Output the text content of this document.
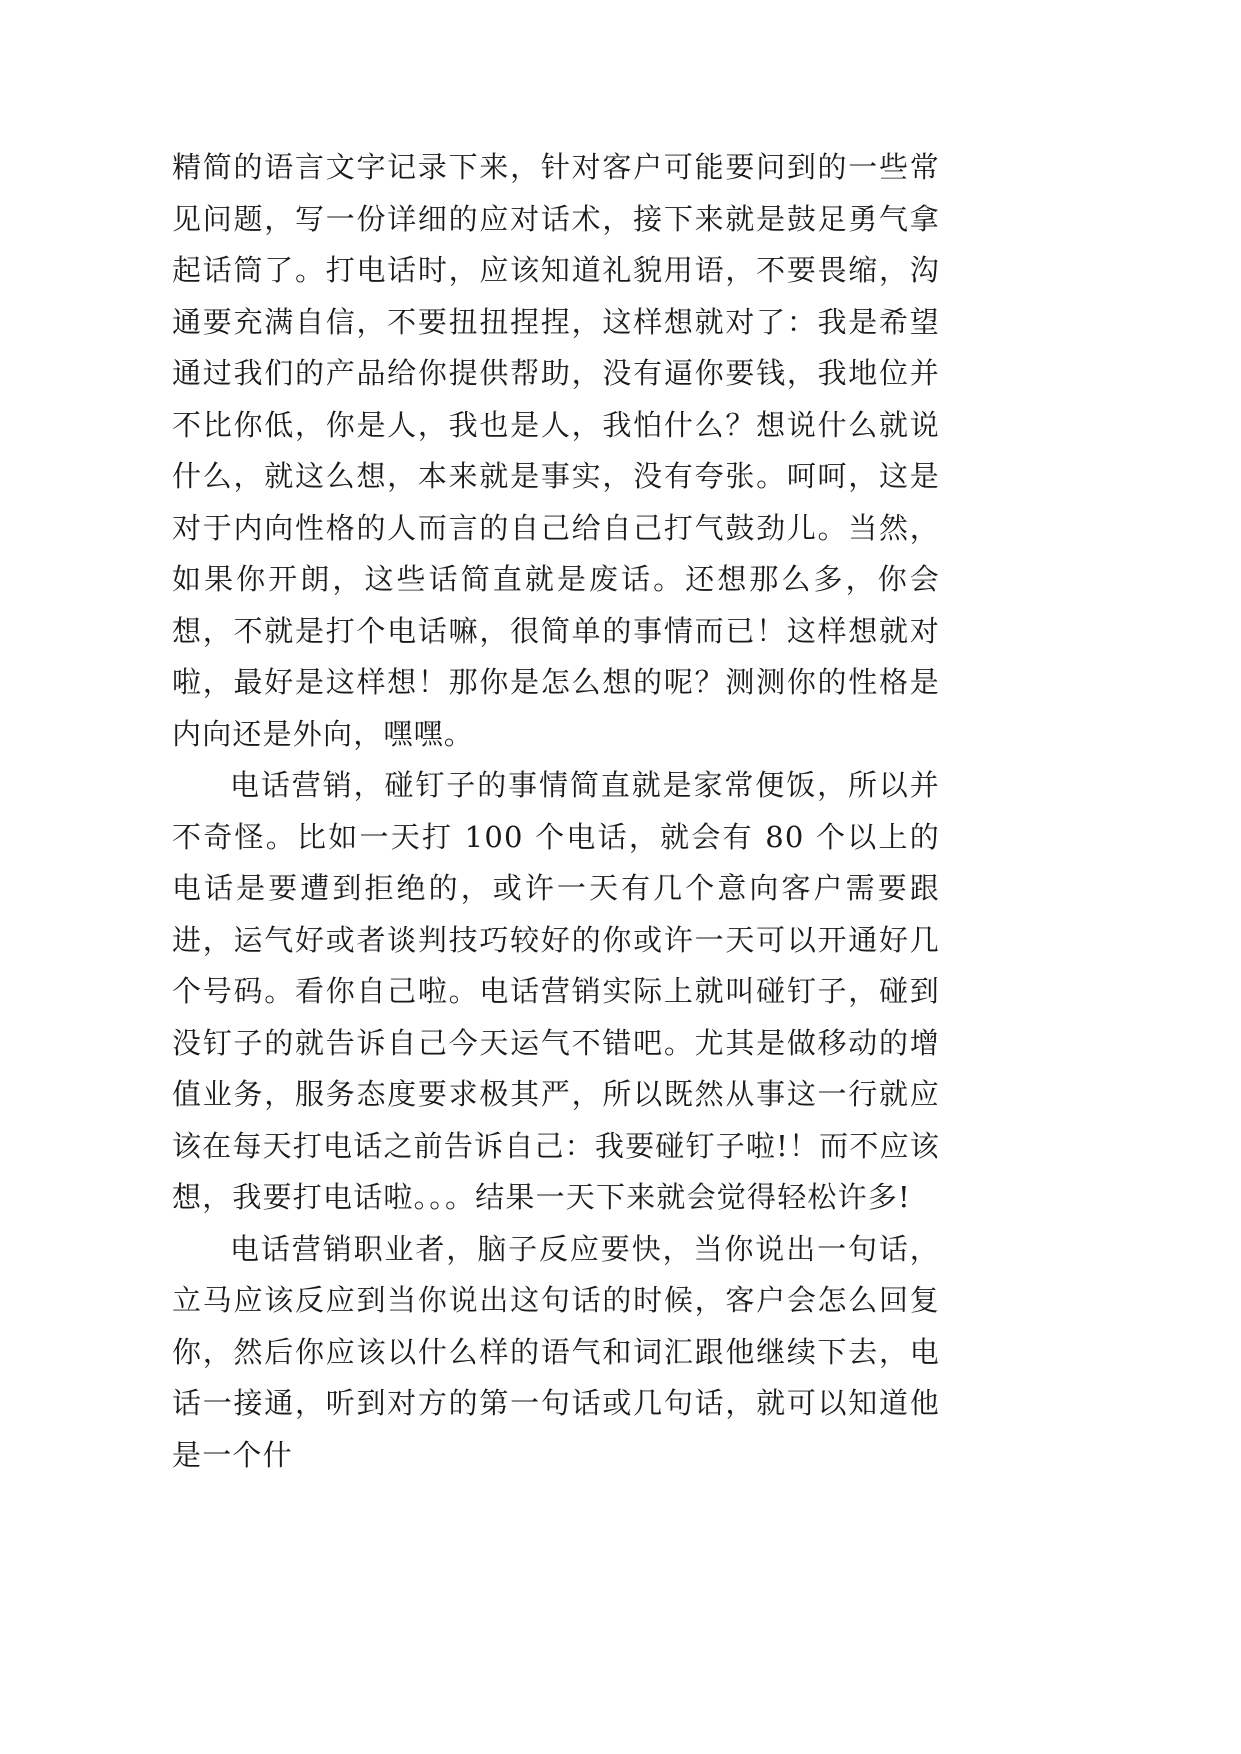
精简的语言文字记录下来，针对客户可能要问到的一些常见问题，写一份详细的应对话术，接下来就是鼓足勇气拿起话筒了。打电话时，应该知道礼貌用语，不要畏缩，沟通要充满自信，不要扭扭捏捏，这样想就对了：我是希望通过我们的产品给你提供帮助，没有逼你要钱，我地位并不比你低，你是人，我也是人，我怕什么？想说什么就说什么，就这么想，本来就是事实，没有夸张。呵呵，这是对于内向性格的人而言的自己给自己打气鼓劲儿。当然，如果你开朗，这些话简直就是废话。还想那么多，你会想，不就是打个电话嘛，很简单的事情而已！这样想就对啦，最好是这样想！那你是怎么想的呢？测测你的性格是内向还是外向，嘿嘿。

电话营销，碰钉子的事情简直就是家常便饭，所以并不奇怪。比如一天打 100 个电话，就会有 80 个以上的电话是要遭到拒绝的，或许一天有几个意向客户需要跟进，运气好或者谈判技巧较好的你或许一天可以开通好几个号码。看你自己啦。电话营销实际上就叫碰钉子，碰到没钉子的就告诉自己今天运气不错吧。尤其是做移动的增值业务，服务态度要求极其严，所以既然从事这一行就应该在每天打电话之前告诉自己：我要碰钉子啦!！而不应该想，我要打电话啦。。。结果一天下来就会觉得轻松许多!

电话营销职业者，脑子反应要快，当你说出一句话，立马应该反应到当你说出这句话的时候，客户会怎么回复你，然后你应该以什么样的语气和词汇跟他继续下去，电话一接通，听到对方的第一句话或几句话，就可以知道他是一个什
